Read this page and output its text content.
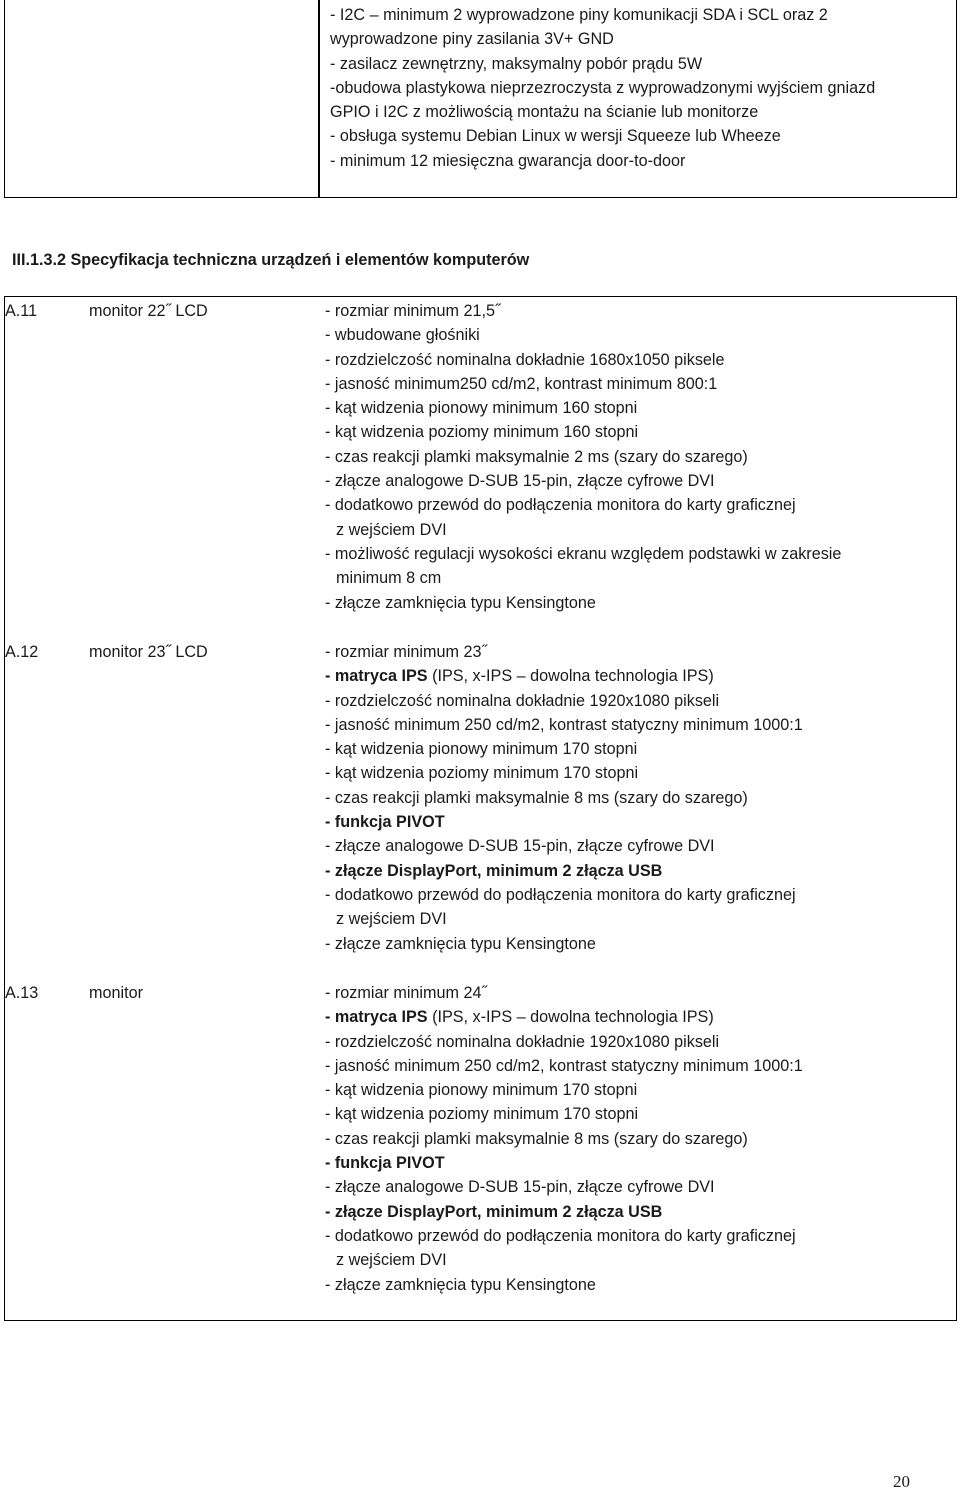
- I2C – minimum 2 wyprowadzone piny komunikacji SDA i SCL oraz 2
wyprowadzone piny zasilania 3V+ GND
- zasilacz zewnętrzny, maksymalny pobór prądu 5W
-obudowa plastykowa nieprzezroczysta z wyprowadzonymi wyjściem gniazd
GPIO i I2C z możliwością montażu na ścianie lub monitorze
- obsługa systemu Debian Linux w wersji Squeeze lub Wheeze
- minimum 12 miesięczna gwarancja door-to-door
III.1.3.2 Specyfikacja techniczna urządzeń i elementów komputerów
A.11	monitor 22˝ LCD	- rozmiar minimum 21,5˝
- wbudowane głośniki
- rozdzielczość nominalna dokładnie 1680x1050 piksele
- jasność minimum250 cd/m2, kontrast minimum 800:1
- kąt widzenia pionowy minimum 160 stopni
- kąt widzenia poziomy minimum 160 stopni
- czas reakcji plamki maksymalnie 2 ms (szary do szarego)
- złącze analogowe D-SUB 15-pin, złącze cyfrowe DVI
- dodatkowo przewód do podłączenia monitora do karty graficznej
z wejściem DVI
- możliwość regulacji wysokości ekranu względem podstawki w zakresie
minimum 8 cm
- złącze zamknięcia typu Kensingtone
A.12	monitor 23˝ LCD	- rozmiar minimum 23˝
- matryca IPS (IPS, x-IPS – dowolna technologia IPS)
- rozdzielczość nominalna dokładnie 1920x1080 pikseli
- jasność minimum 250 cd/m2, kontrast statyczny minimum 1000:1
- kąt widzenia pionowy minimum 170 stopni
- kąt widzenia poziomy minimum 170 stopni
- czas reakcji plamki maksymalnie 8 ms (szary do szarego)
- funkcja PIVOT
- złącze analogowe D-SUB 15-pin, złącze cyfrowe DVI
- złącze DisplayPort, minimum 2 złącza USB
- dodatkowo przewód do podłączenia monitora do karty graficznej
z wejściem DVI
- złącze zamknięcia typu Kensingtone
A.13	monitor	- rozmiar minimum 24˝
- matryca IPS (IPS, x-IPS – dowolna technologia IPS)
- rozdzielczość nominalna dokładnie 1920x1080 pikseli
- jasność minimum 250 cd/m2, kontrast statyczny minimum 1000:1
- kąt widzenia pionowy minimum 170 stopni
- kąt widzenia poziomy minimum 170 stopni
- czas reakcji plamki maksymalnie 8 ms (szary do szarego)
- funkcja PIVOT
- złącze analogowe D-SUB 15-pin, złącze cyfrowe DVI
- złącze DisplayPort, minimum 2 złącza USB
- dodatkowo przewód do podłączenia monitora do karty graficznej
z wejściem DVI
- złącze zamknięcia typu Kensingtone
20
